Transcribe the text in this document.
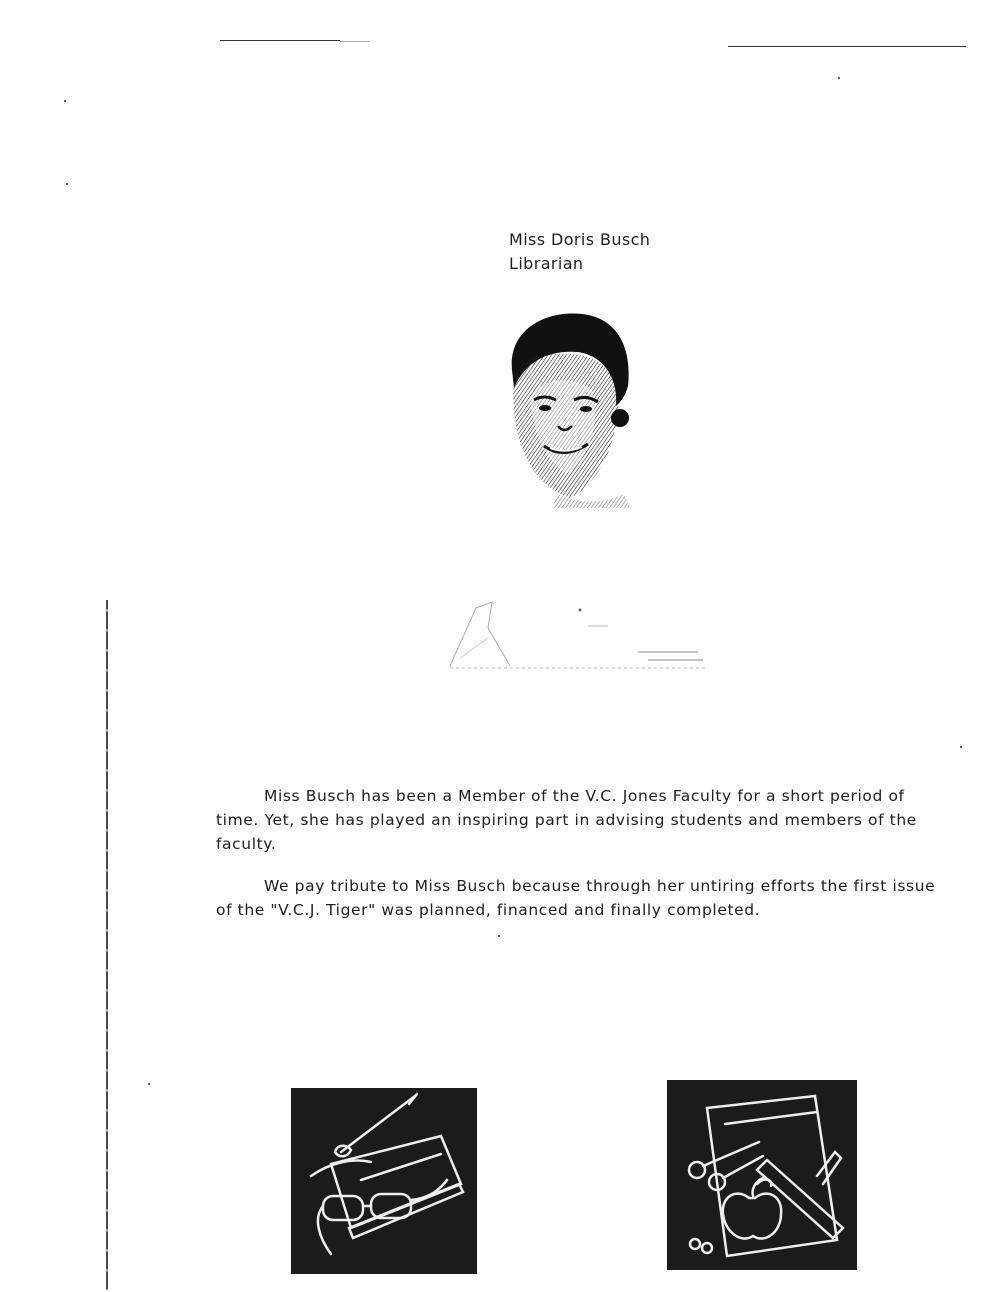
Miss Doris Busch
Librarian

Miss Busch has been a Member of the V.C. Jones Faculty for a short period of time. Yet, she has played an inspiring part in advising students and members of the faculty.

We pay tribute to Miss Busch because through her untiring efforts the first issue of the "V.C.J. Tiger" was planned, financed and finally completed.
